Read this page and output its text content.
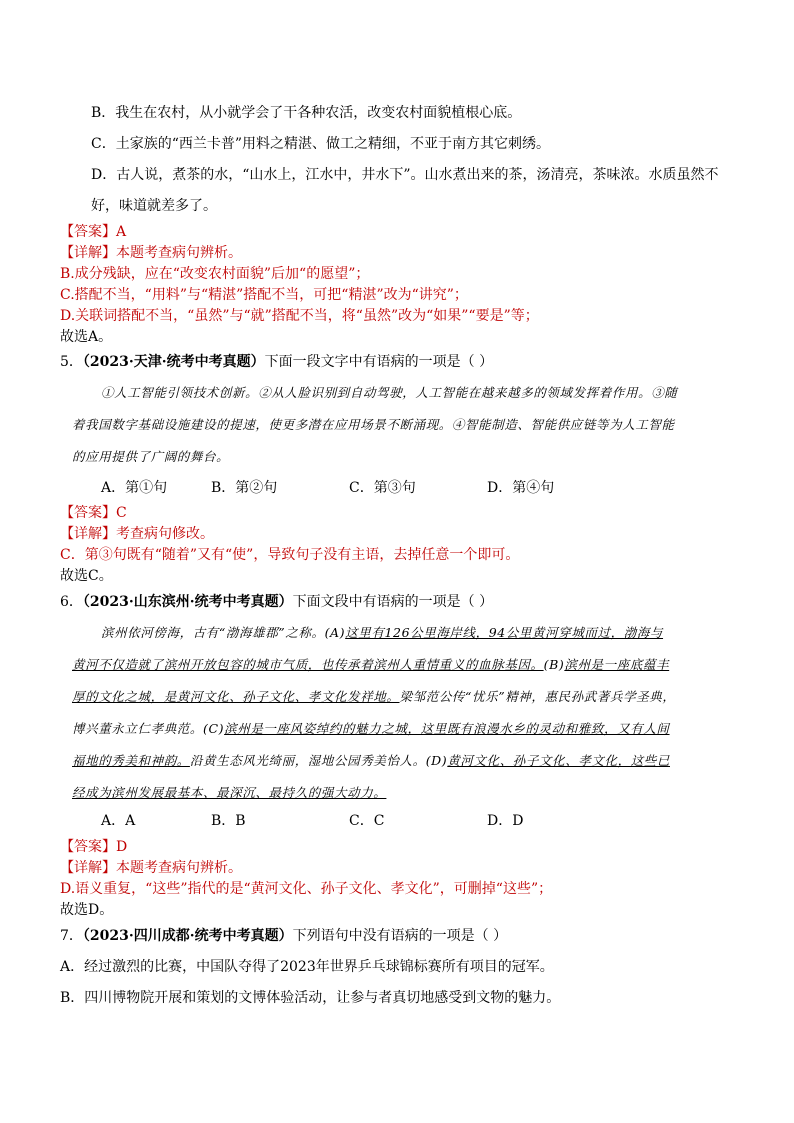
B．我生在农村，从小就学会了干各种农活，改变农村面貌植根心底。
C．土家族的“西兰卡普”用料之精湛、做工之精细，不亚于南方其它刺绣。
D．古人说，煮茶的水，“山水上，江水中，井水下”。山水煮出来的茶，汤清亮，茶味浓。水质虽然不
好，味道就差多了。
【答案】A
【详解】本题考查病句辨析。
B.成分残缺，应在“改变农村面貌”后加“的愿望”；
C.搭配不当，“用料”与“精湛”搭配不当，可把“精湛”改为“讲究”；
D.关联词搭配不当，“虽然”与“就”搭配不当，将“虽然”改为“如果”“要是”等；
故选A。
5．（2023·天津·统考中考真题）下面一段文字中有语病的一项是（ ）
①人工智能引领技术创新。②从人脸识别到自动驾驶，人工智能在越来越多的领域发挥着作用。③随
着我国数字基础设施建设的提速，使更多潜在应用场景不断涌现。④智能制造、智能供应链等为人工智能
的应用提供了广阔的舞台。
A．第①句	B．第②句	C．第③句	D．第④句
【答案】C
【详解】考查病句修改。
C．第③句既有“随着”又有“使”，导致句子没有主语，去掉任意一个即可。
故选C。
6．（2023·山东滨州·统考中考真题）下面文段中有语病的一项是（ ）
滨州依河傍海，古有“渤海雄郡”之称。(A)这里有126公里海岸线，94公里黄河穿城而过，渤海与
黄河不仅造就了滨州开放包容的城市气质，也传承着滨州人重情重义的血脉基因。(B)滨州是一座底蕴丰
厚的文化之城，是黄河文化、孙子文化、孝文化发祥地。梁邹范公传“忧乐”精神，惠民孙武著兵学圣典，
博兴董永立仁孝典范。(C)滨州是一座风姿绰约的魅力之城，这里既有浪漫水乡的灵动和雅致，又有人间
福地的秀美和神韵。沿黄生态风光绮丽，湿地公园秀美怡人。(D)黄河文化、孙子文化、孝文化，这些已
经成为滨州发展最基本、最深沉、最持久的强大动力。
A．A	B．B	C．C	D．D
【答案】D
【详解】本题考查病句辨析。
D.语义重复，“这些”指代的是“黄河文化、孙子文化、孝文化”，可删掉“这些”；
故选D。
7．（2023·四川成都·统考中考真题）下列语句中没有语病的一项是（ ）
A．经过激烈的比赛，中国队夺得了2023年世界乒乓球锦标赛所有项目的冠军。
B．四川博物院开展和策划的文博体验活动，让参与者真切地感受到文物的魅力。
